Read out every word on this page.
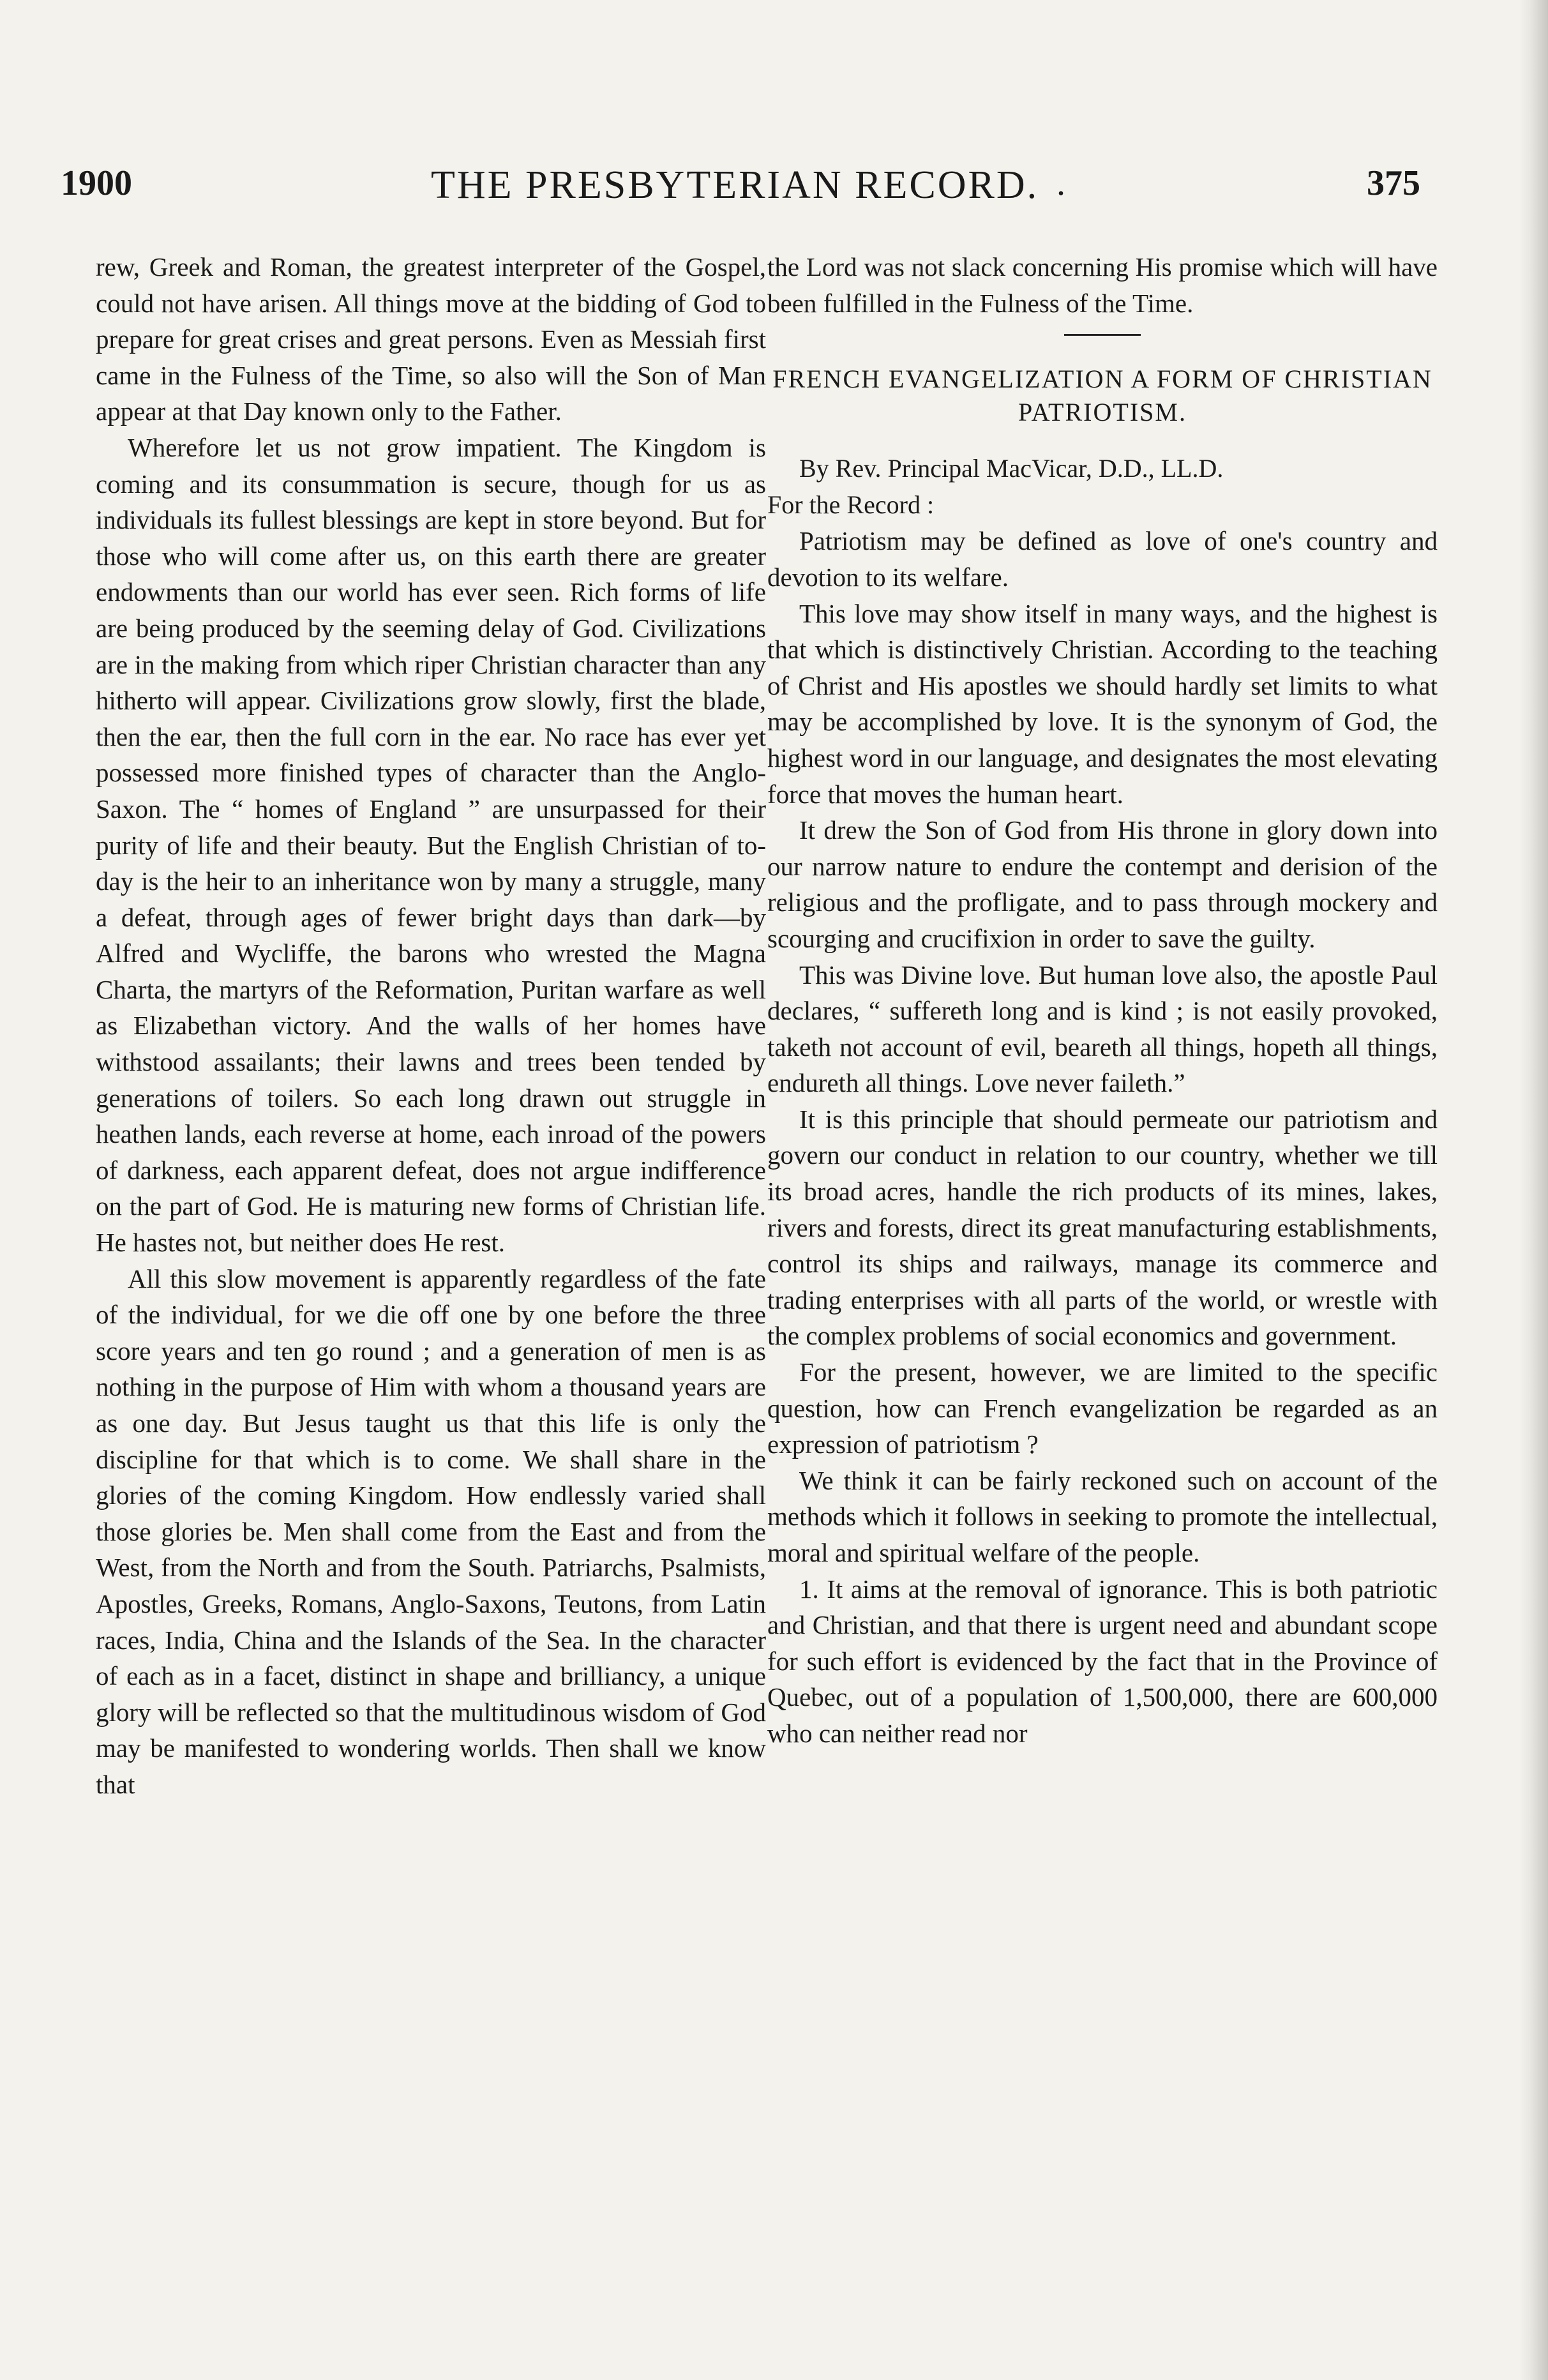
1900	THE PRESBYTERIAN RECORD. .	375

rew, Greek and Roman, the greatest interpreter of the Gospel, could not have arisen. All things move at the bidding of God to prepare for great crises and great persons. Even as Messiah first came in the Fulness of the Time, so also will the Son of Man appear at that Day known only to the Father.

Wherefore let us not grow impatient. The Kingdom is coming and its consummation is secure, though for us as individuals its fullest blessings are kept in store beyond. But for those who will come after us, on this earth there are greater endowments than our world has ever seen. Rich forms of life are being produced by the seeming delay of God. Civilizations are in the making from which riper Christian character than any hitherto will appear. Civilizations grow slowly, first the blade, then the ear, then the full corn in the ear. No race has ever yet possessed more finished types of character than the Anglo-Saxon. The “ homes of England ” are unsurpassed for their purity of life and their beauty. But the English Christian of to-day is the heir to an inheritance won by many a struggle, many a defeat, through ages of fewer bright days than dark—by Alfred and Wycliffe, the barons who wrested the Magna Charta, the martyrs of the Reformation, Puritan warfare as well as Elizabethan victory. And the walls of her homes have withstood assailants; their lawns and trees been tended by generations of toilers. So each long drawn out struggle in heathen lands, each reverse at home, each inroad of the powers of darkness, each apparent defeat, does not argue indifference on the part of God. He is maturing new forms of Christian life. He hastes not, but neither does He rest.

All this slow movement is apparently regardless of the fate of the individual, for we die off one by one before the three score years and ten go round ; and a generation of men is as nothing in the purpose of Him with whom a thousand years are as one day. But Jesus taught us that this life is only the discipline for that which is to come. We shall share in the glories of the coming Kingdom. How endlessly varied shall those glories be. Men shall come from the East and from the West, from the North and from the South. Patriarchs, Psalmists, Apostles, Greeks, Romans, Anglo-Saxons, Teutons, from Latin races, India, China and the Islands of the Sea. In the character of each as in a facet, distinct in shape and brilliancy, a unique glory will be reflected so that the multitudinous wisdom of God may be manifested to wondering worlds. Then shall we know that

the Lord was not slack concerning His promise which will have been fulfilled in the Fulness of the Time.

FRENCH EVANGELIZATION A FORM OF CHRISTIAN PATRIOTISM.

By Rev. Principal MacVicar, D.D., LL.D.

For the Record :

Patriotism may be defined as love of one's country and devotion to its welfare.

This love may show itself in many ways, and the highest is that which is distinctively Christian. According to the teaching of Christ and His apostles we should hardly set limits to what may be accomplished by love. It is the synonym of God, the highest word in our language, and designates the most elevating force that moves the human heart.

It drew the Son of God from His throne in glory down into our narrow nature to endure the contempt and derision of the religious and the profligate, and to pass through mockery and scourging and crucifixion in order to save the guilty.

This was Divine love. But human love also, the apostle Paul declares, “ suffereth long and is kind ; is not easily provoked, taketh not account of evil, beareth all things, hopeth all things, endureth all things. Love never faileth.”

It is this principle that should permeate our patriotism and govern our conduct in relation to our country, whether we till its broad acres, handle the rich products of its mines, lakes, rivers and forests, direct its great manufacturing establishments, control its ships and railways, manage its commerce and trading enterprises with all parts of the world, or wrestle with the complex problems of social economics and government.

For the present, however, we are limited to the specific question, how can French evangelization be regarded as an expression of patriotism ?

We think it can be fairly reckoned such on account of the methods which it follows in seeking to promote the intellectual, moral and spiritual welfare of the people.

1. It aims at the removal of ignorance. This is both patriotic and Christian, and that there is urgent need and abundant scope for such effort is evidenced by the fact that in the Province of Quebec, out of a population of 1,500,000, there are 600,000 who can neither read nor
